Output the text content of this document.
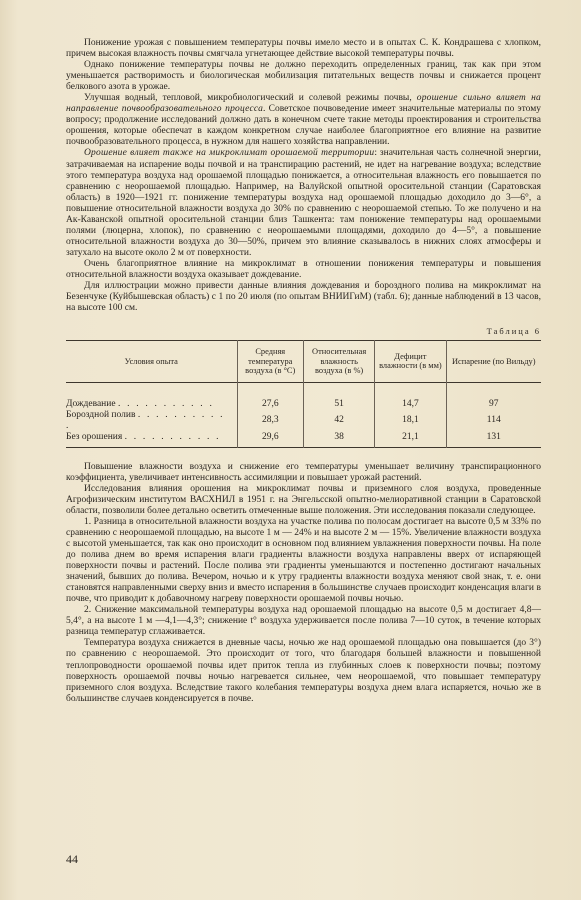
Понижение урожая с повышением температуры почвы имело место и в опытах С. К. Кондрашева с хлопком, причем высокая влажность почвы смягчала угнетающее действие высокой температуры почвы.

Однако понижение температуры почвы не должно переходить определенных границ, так как при этом уменьшается растворимость и биологическая мобилизация питательных веществ почвы и снижается процент белкового азота в урожае.

Улучшая водный, тепловой, микробиологический и солевой режимы почвы, орошение сильно влияет на направление почвообразовательного процесса. Советское почвоведение имеет значительные материалы по этому вопросу; продолжение исследований должно дать в конечном счете такие методы проектирования и строительства орошения, которые обеспечат в каждом конкретном случае наиболее благоприятное его влияние на развитие почвообразовательного процесса, в нужном для нашего хозяйства направлении.

Орошение влияет также на микроклимат орошаемой территории: значительная часть солнечной энергии, затрачиваемая на испарение воды почвой и на транспирацию растений, не идет на нагревание воздуха; вследствие этого температура воздуха над орошаемой площадью понижается, а относительная влажность его повышается по сравнению с неорошаемой площадью. Например, на Валуйской опытной оросительной станции (Саратовская область) в 1920—1921 гг. понижение температуры воздуха над орошаемой площадью доходило до 3—6°, а повышение относительной влажности воздуха до 30% по сравнению с неорошаемой степью. То же получено и на Ак-Каванской опытной оросительной станции близ Ташкента: там понижение температуры над орошаемыми полями (люцерна, хлопок), по сравнению с неорошаемыми площадями, доходило до 4—5°, а повышение относительной влажности воздуха до 30—50%, причем это влияние сказывалось в нижних слоях атмосферы и затухало на высоте около 2 м от поверхности.

Очень благоприятное влияние на микроклимат в отношении понижения температуры и повышения относительной влажности воздуха оказывает дождевание.

Для иллюстрации можно привести данные влияния дождевания и бороздного полива на микроклимат на Безенчуке (Куйбышевская область) с 1 по 20 июля (по опытам ВНИИГиМ) (табл. 6); данные наблюдений в 13 часов, на высоте 100 см.

Таблица 6
Условия опыта	Средняя температура воздуха (в °С)	Относительная влажность воздуха (в %)	Дефицит влажности (в мм)	Испарение (по Вильду)
Дождевание . . . . . . . . . . .	27,6	51	14,7	97
Бороздной полив . . . . . . . . . . .	28,3	42	18,1	114
Без орошения . . . . . . . . . . .	29,6	38	21,1	131

Повышение влажности воздуха и снижение его температуры уменьшает величину транспирационного коэффициента, увеличивает интенсивность ассимиляции и повышает урожай растений.

Исследования влияния орошения на микроклимат почвы и приземного слоя воздуха, проведенные Агрофизическим институтом ВАСХНИЛ в 1951 г. на Энгельсской опытно-мелиоративной станции в Саратовской области, позволили более детально осветить отмеченные выше положения. Эти исследования показали следующее.

1. Разница в относительной влажности воздуха на участке полива по полосам достигает на высоте 0,5 м 33% по сравнению с неорошаемой площадью, на высоте 1 м — 24% и на высоте 2 м — 15%. Увеличение влажности воздуха с высотой уменьшается, так как оно происходит в основном под влиянием увлажнения поверхности почвы. На поле до полива днем во время испарения влаги градиенты влажности воздуха направлены вверх от испаряющей поверхности почвы и растений. После полива эти градиенты уменьшаются и постепенно достигают начальных значений, бывших до полива. Вечером, ночью и к утру градиенты влажности воздуха меняют свой знак, т. е. они становятся направленными сверху вниз и вместо испарения в большинстве случаев происходит конденсация влаги в почве, что приводит к добавочному нагреву поверхности орошаемой почвы ночью.

2. Снижение максимальной температуры воздуха над орошаемой площадью на высоте 0,5 м достигает 4,8—5,4°, а на высоте 1 м —4,1—4,3°; снижение t° воздуха удерживается после полива 7—10 суток, в течение которых разница температур сглаживается.

Температура воздуха снижается в дневные часы, ночью же над орошаемой площадью она повышается (до 3°) по сравнению с неорошаемой. Это происходит от того, что благодаря большей влажности и повышенной теплопроводности орошаемой почвы идет приток тепла из глубинных слоев к поверхности почвы; поэтому поверхность орошаемой почвы ночью нагревается сильнее, чем неорошаемой, что повышает температуру приземного слоя воздуха. Вследствие такого колебания температуры воздуха днем влага испаряется, ночью же в большинстве случаев конденсируется в почве.

44
